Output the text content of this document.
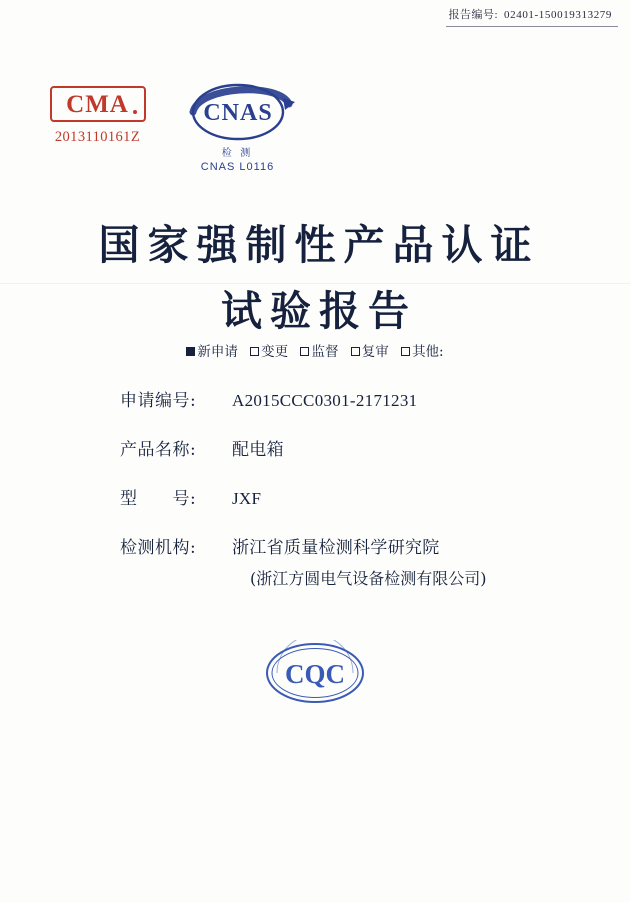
报告编号: 02401-150019313279
CMA
2013110161Z
CNAS
检 测
CNAS L0116
国家强制性产品认证
试验报告
新申请 变更 监督 复审 其他:
申请编号:	A2015CCC0301-2171231
产品名称:	配电箱
型　　号:	JXF
检测机构:	浙江省质量检测科学研究院
(浙江方圆电气设备检测有限公司)
CQC
